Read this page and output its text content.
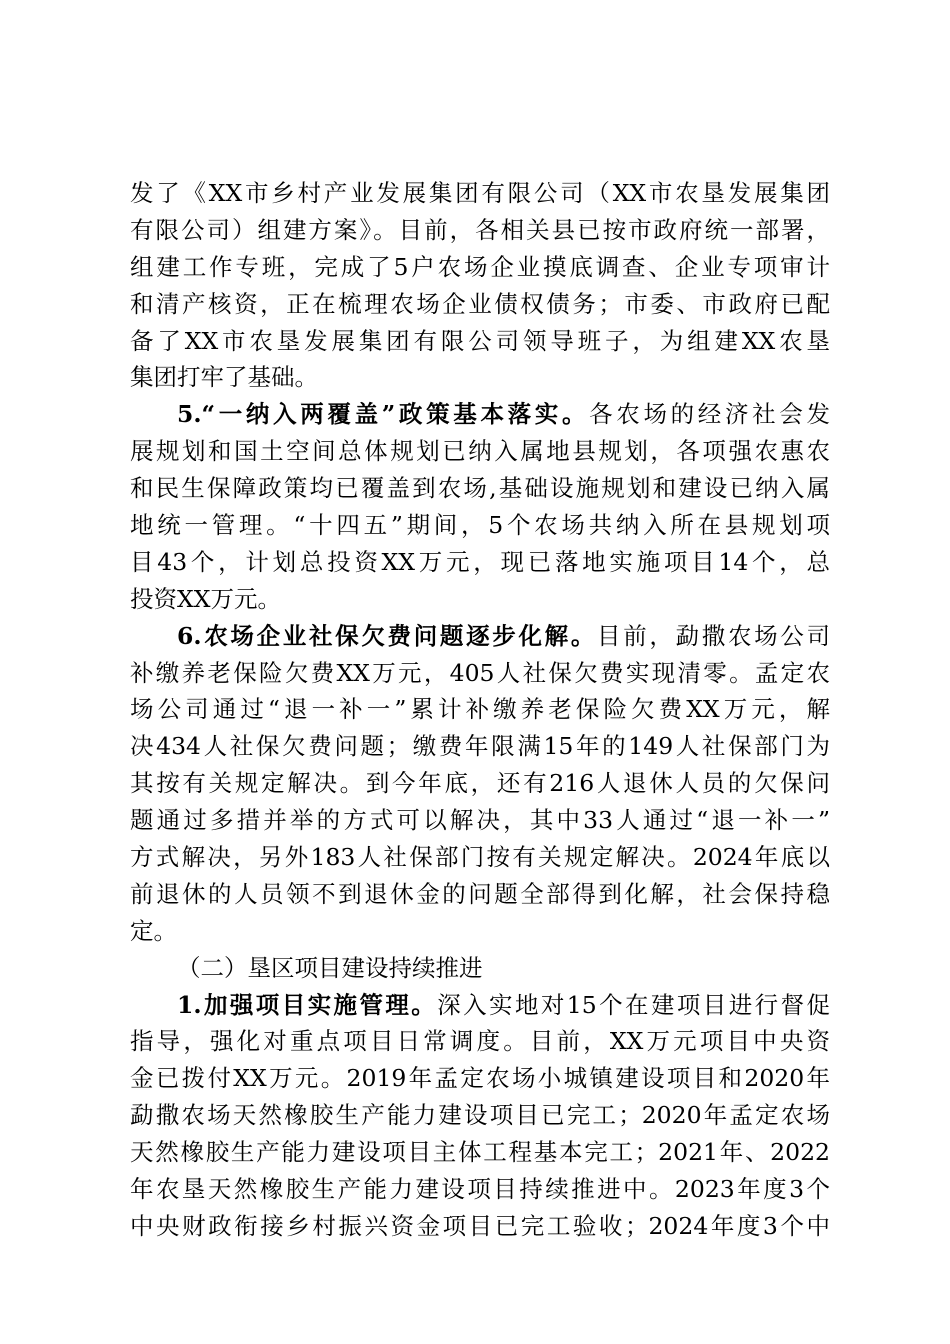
发了《XX市乡村产业发展集团有限公司（XX市农垦发展集团
有限公司）组建方案》。目前，各相关县已按市政府统一部署，
组建工作专班，完成了5户农场企业摸底调查、企业专项审计
和清产核资，正在梳理农场企业债权债务；市委、市政府已配
备了XX市农垦发展集团有限公司领导班子，为组建XX农垦
集团打牢了基础。
5.“一纳入两覆盖”政策基本落实。各农场的经济社会发
展规划和国土空间总体规划已纳入属地县规划，各项强农惠农
和民生保障政策均已覆盖到农场,基础设施规划和建设已纳入属
地统一管理。“十四五”期间，5个农场共纳入所在县规划项
目43个，计划总投资XX万元，现已落地实施项目14个，总
投资XX万元。
6.农场企业社保欠费问题逐步化解。目前，勐撒农场公司
补缴养老保险欠费XX万元，405人社保欠费实现清零。孟定农
场公司通过“退一补一”累计补缴养老保险欠费XX万元，解
决434人社保欠费问题；缴费年限满15年的149人社保部门为
其按有关规定解决。到今年底，还有216人退休人员的欠保问
题通过多措并举的方式可以解决，其中33人通过“退一补一”
方式解决，另外183人社保部门按有关规定解决。2024年底以
前退休的人员领不到退休金的问题全部得到化解，社会保持稳
定。
（二）垦区项目建设持续推进
1.加强项目实施管理。深入实地对15个在建项目进行督促
指导，强化对重点项目日常调度。目前，XX万元项目中央资
金已拨付XX万元。2019年孟定农场小城镇建设项目和2020年
勐撒农场天然橡胶生产能力建设项目已完工；2020年孟定农场
天然橡胶生产能力建设项目主体工程基本完工；2021年、2022
年农垦天然橡胶生产能力建设项目持续推进中。2023年度3个
中央财政衔接乡村振兴资金项目已完工验收；2024年度3个中
